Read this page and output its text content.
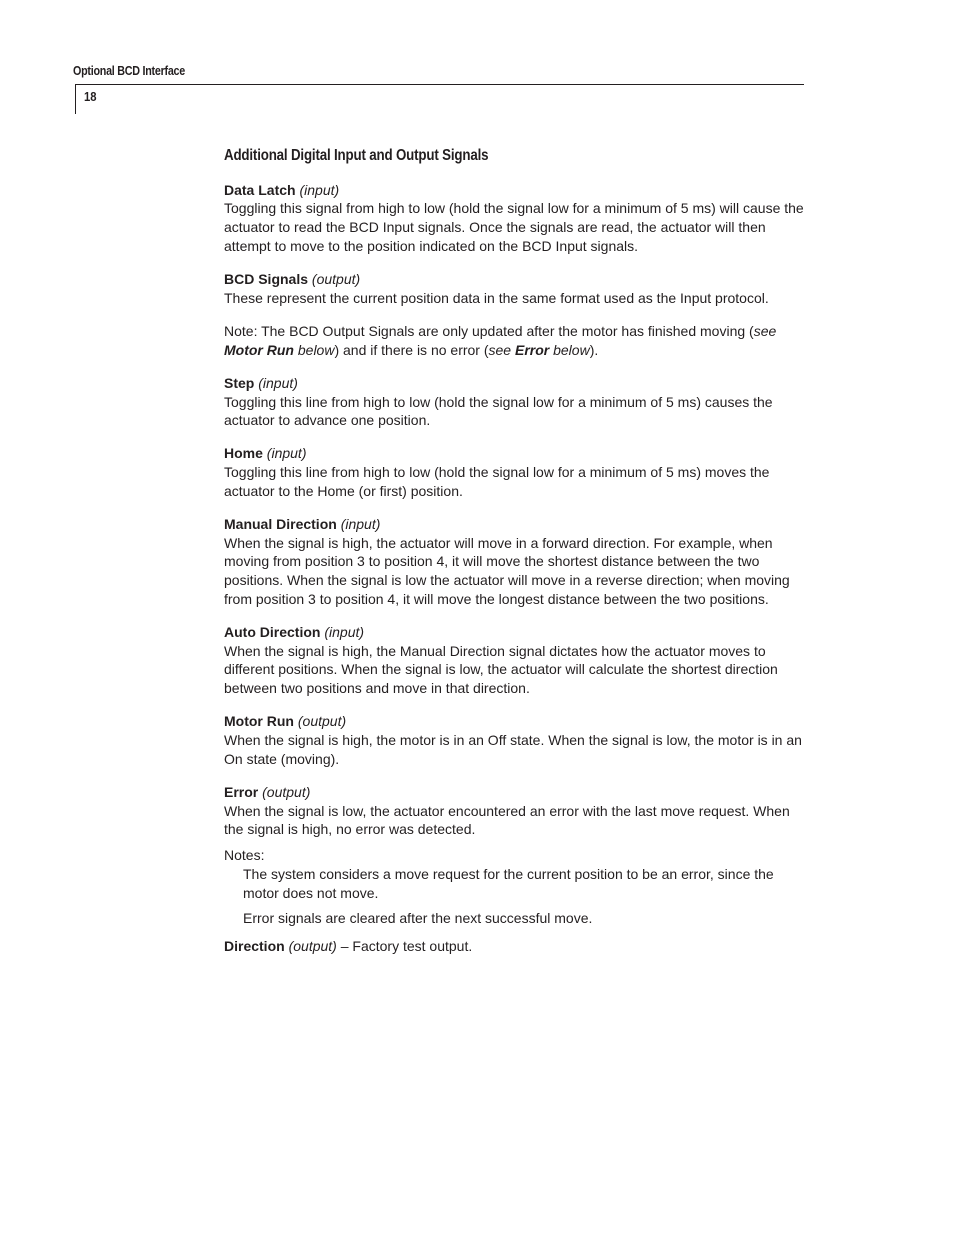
Optional BCD Interface
18
Additional Digital Input and Output Signals
Data Latch (input)
Toggling this signal from high to low (hold the signal low for a minimum of 5 ms) will cause the actuator to read the BCD Input signals. Once the signals are read, the actuator will then attempt to move to the position indicated on the BCD Input signals.
BCD Signals (output)
These represent the current position data in the same format used as the Input protocol.
Note: The BCD Output Signals are only updated after the motor has finished moving (see Motor Run below) and if there is no error (see Error below).
Step (input)
Toggling this line from high to low (hold the signal low for a minimum of 5 ms) causes the actuator to advance one position.
Home (input)
Toggling this line from high to low (hold the signal low for a minimum of 5 ms) moves the actuator to the Home (or first) position.
Manual Direction (input)
When the signal is high, the actuator will move in a forward direction. For example, when moving from position 3 to position 4, it will move the shortest distance between the two positions. When the signal is low the actuator will move in a reverse direction; when moving from position 3 to position 4, it will move the longest distance between the two positions.
Auto Direction (input)
When the signal is high, the Manual Direction signal dictates how the actuator moves to different positions. When the signal is low, the actuator will calculate the shortest direction between two positions and move in that direction.
Motor Run (output)
When the signal is high, the motor is in an Off state. When the signal is low, the motor is in an On state (moving).
Error (output)
When the signal is low, the actuator encountered an error with the last move request. When the signal is high, no error was detected.
Notes:
The system considers a move request for the current position to be an error, since the motor does not move.
Error signals are cleared after the next successful move.
Direction (output) – Factory test output.
